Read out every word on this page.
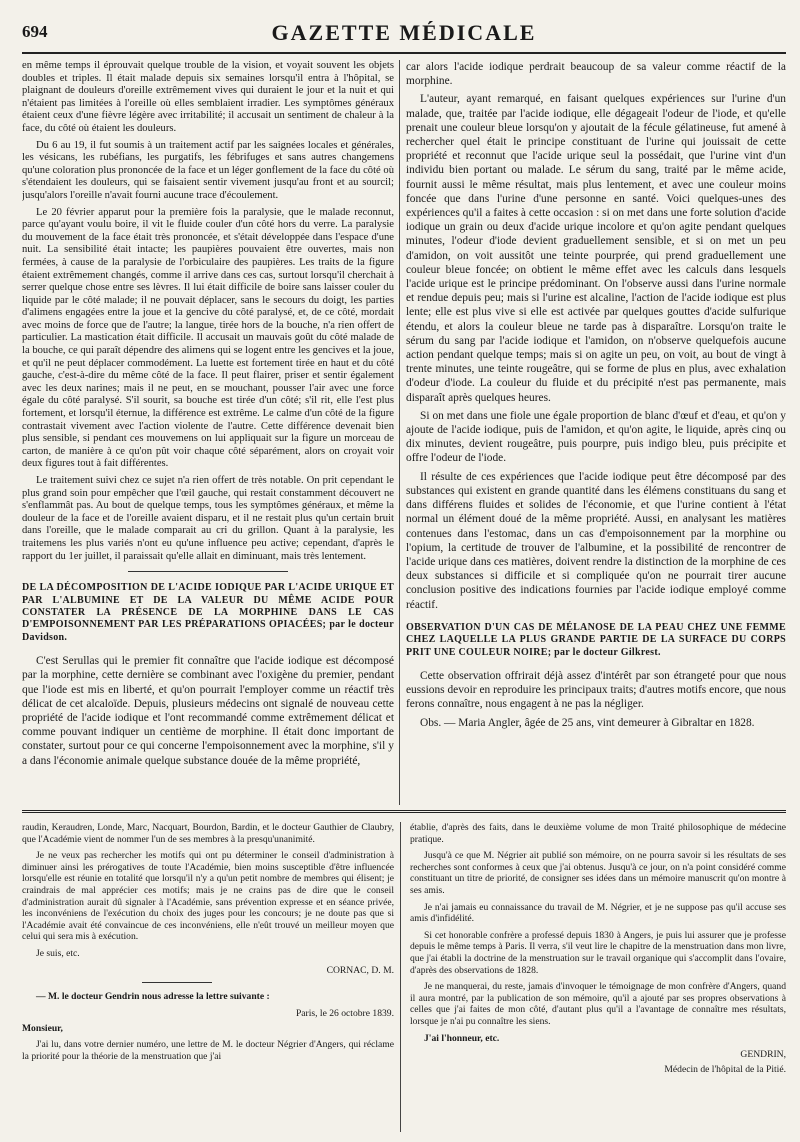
694	GAZETTE MÉDICALE

en même temps il éprouvait quelque trouble de la vision, et voyait souvent les objets doubles et triples. Il était malade depuis six semaines lorsqu'il entra à l'hôpital, se plaignant de douleurs d'oreille extrêmement vives qui duraient le jour et la nuit et qui n'étaient pas limitées à l'oreille où elles semblaient irradier. Les symptômes généraux étaient ceux d'une fièvre légère avec irritabilité; il accusait un sentiment de chaleur à la face, du côté où étaient les douleurs.

Du 6 au 19, il fut soumis à un traitement actif par les saignées locales et générales, les vésicans, les rubéfians, les purgatifs, les fébrifuges et sans autres changemens qu'une coloration plus prononcée de la face et un léger gonflement de la face du côté où s'étendaient les douleurs, qui se faisaient sentir vivement jusqu'au front et au sourcil; jusqu'alors l'oreille n'avait fourni aucune trace d'écoulement.

Le 20 février apparut pour la première fois la paralysie, que le malade reconnut, parce qu'ayant voulu boire, il vit le fluide couler d'un côté hors du verre. La paralysie du mouvement de la face était très prononcée, et s'était développée dans l'espace d'une nuit. La sensibilité était intacte; les paupières pouvaient être ouvertes, mais non fermées, à cause de la paralysie de l'orbiculaire des paupières. Les traits de la figure étaient extrêmement changés, comme il arrive dans ces cas, surtout lorsqu'il cherchait à serrer quelque chose entre ses lèvres. Il lui était difficile de boire sans laisser couler du liquide par le côté malade; il ne pouvait déplacer, sans le secours du doigt, les parties d'alimens engagées entre la joue et la gencive du côté paralysé, et, de ce côté, mordait avec moins de force que de l'autre; la langue, tirée hors de la bouche, n'a rien offert de particulier. La mastication était difficile. Il accusait un mauvais goût du côté malade de la bouche, ce qui paraît dépendre des alimens qui se logent entre les gencives et la joue, et qu'il ne peut déplacer commodément. La luette est fortement tirée en haut et du côté gauche, c'est-à-dire du même côté de la face. Il peut flairer, priser et sentir également avec les deux narines; mais il ne peut, en se mouchant, pousser l'air avec une force égale du côté paralysé. S'il sourit, sa bouche est tirée d'un côté; s'il rit, elle l'est plus fortement, et lorsqu'il éternue, la différence est extrême. Le calme d'un côté de la figure contrastait vivement avec l'action violente de l'autre. Cette différence devenait bien plus sensible, si pendant ces mouvemens on lui appliquait sur la figure un morceau de carton, de manière à ce qu'on pût voir chaque côté séparément, alors on croyait voir deux figures tout à fait différentes.

Le traitement suivi chez ce sujet n'a rien offert de très notable. On prit cependant le plus grand soin pour empêcher que l'œil gauche, qui restait constamment découvert ne s'enflammât pas. Au bout de quelque temps, tous les symptômes généraux, et même la douleur de la face et de l'oreille avaient disparu, et il ne restait plus qu'un certain bruit dans l'oreille, que le malade comparait au cri du grillon. Quant à la paralysie, les traitemens les plus variés n'ont eu qu'une influence peu active; cependant, d'après le rapport du 1er juillet, il paraissait qu'elle allait en diminuant, mais très lentement.

DE LA DÉCOMPOSITION DE L'ACIDE IODIQUE PAR L'ACIDE URIQUE ET PAR L'ALBUMINE ET DE LA VALEUR DU MÊME ACIDE POUR CONSTATER LA PRÉSENCE DE LA MORPHINE DANS LE CAS D'EMPOISONNEMENT PAR LES PRÉPARATIONS OPIACÉES; par le docteur Davidson.

C'est Serullas qui le premier fit connaître que l'acide iodique est décomposé par la morphine, cette dernière se combinant avec l'oxigène du premier, pendant que l'iode est mis en liberté, et qu'on pourrait l'employer comme un réactif très délicat de cet alcaloïde. Depuis, plusieurs médecins ont signalé de nouveau cette propriété de l'acide iodique et l'ont recommandé comme extrêmement délicat et comme pouvant indiquer un centième de morphine. Il était donc important de constater, surtout pour ce qui concerne l'empoisonnement avec la morphine, s'il y a dans l'économie animale quelque substance douée de la même propriété,

car alors l'acide iodique perdrait beaucoup de sa valeur comme réactif de la morphine.

L'auteur, ayant remarqué, en faisant quelques expériences sur l'urine d'un malade, que, traitée par l'acide iodique, elle dégageait l'odeur de l'iode, et qu'elle prenait une couleur bleue lorsqu'on y ajoutait de la fécule gélatineuse, fut amené à rechercher quel était le principe constituant de l'urine qui jouissait de cette propriété et reconnut que l'acide urique seul la possédait, que l'urine vint d'un individu bien portant ou malade. Le sérum du sang, traité par le même acide, fournit aussi le même résultat, mais plus lentement, et avec une couleur moins foncée que dans l'urine d'une personne en santé. Voici quelques-unes des expériences qu'il a faites à cette occasion : si on met dans une forte solution d'acide iodique un grain ou deux d'acide urique incolore et qu'on agite pendant quelques minutes, l'odeur d'iode devient graduellement sensible, et si on met un peu d'amidon, on voit aussitôt une teinte pourprée, qui prend graduellement une couleur bleue foncée; on obtient le même effet avec les calculs dans lesquels l'acide urique est le principe prédominant. On l'observe aussi dans l'urine normale et rendue depuis peu; mais si l'urine est alcaline, l'action de l'acide iodique est plus lente; elle est plus vive si elle est activée par quelques gouttes d'acide sulfurique étendu, et alors la couleur bleue ne tarde pas à disparaître. Lorsqu'on traite le sérum du sang par l'acide iodique et l'amidon, on n'observe quelquefois aucune action pendant quelque temps; mais si on agite un peu, on voit, au bout de vingt à trente minutes, une teinte rougeâtre, qui se forme de plus en plus, avec exhalation d'odeur d'iode. La couleur du fluide et du précipité n'est pas permanente, mais disparaît après quelques heures.

Si on met dans une fiole une égale proportion de blanc d'œuf et d'eau, et qu'on y ajoute de l'acide iodique, puis de l'amidon, et qu'on agite, le liquide, après cinq ou dix minutes, devient rougeâtre, puis pourpre, puis indigo bleu, puis précipite et offre l'odeur de l'iode.

Il résulte de ces expériences que l'acide iodique peut être décomposé par des substances qui existent en grande quantité dans les élémens constituans du sang et dans différens fluides et solides de l'économie, et que l'urine contient à l'état normal un élément doué de la même propriété. Aussi, en analysant les matières contenues dans l'estomac, dans un cas d'empoisonnement par la morphine ou l'opium, la certitude de trouver de l'albumine, et la possibilité de rencontrer de l'acide urique dans ces matières, doivent rendre la distinction de la morphine de ces deux substances si difficile et si compliquée qu'on ne pourrait tirer aucune conclusion positive des indications fournies par l'acide iodique employé comme réactif.

OBSERVATION D'UN CAS DE MÉLANOSE DE LA PEAU CHEZ UNE FEMME CHEZ LAQUELLE LA PLUS GRANDE PARTIE DE LA SURFACE DU CORPS PRIT UNE COULEUR NOIRE; par le docteur Gilkrest.

Cette observation offrirait déjà assez d'intérêt par son étrangeté pour que nous eussions devoir en reproduire les principaux traits; d'autres motifs encore, que nous ferons connaître, nous engagent à ne pas la négliger.

Obs. — Maria Angler, âgée de 25 ans, vint demeurer à Gibraltar en 1828.

raudin, Keraudren, Londe, Marc, Nacquart, Bourdon, Bardin, et le docteur Gauthier de Claubry, que l'Académie vient de nommer l'un de ses membres à la presqu'unanimité.

Je ne veux pas rechercher les motifs qui ont pu déterminer le conseil d'administration à diminuer ainsi les prérogatives de toute l'Académie, bien moins susceptible d'être influencée lorsqu'elle est réunie en totalité que lorsqu'il n'y a qu'un petit nombre de membres qui élisent; je craindrais de mal apprécier ces motifs; mais je ne crains pas de dire que le conseil d'administration aurait dû signaler à l'Académie, sans prévention expresse et en séance privée, les inconvéniens de l'exécution du choix des juges pour les concours; je ne doute pas que si l'Académie avait été convaincue de ces inconvéniens, elle n'eût trouvé un meilleur moyen que celui qui sera mis à exécution.

Je suis, etc.

CORNAC, D. M.

— M. le docteur Gendrin nous adresse la lettre suivante :

Paris, le 26 octobre 1839.
Monsieur,

J'ai lu, dans votre dernier numéro, une lettre de M. le docteur Négrier d'Angers, qui réclame la priorité pour la théorie de la menstruation que j'ai

établie, d'après des faits, dans le deuxième volume de mon Traité philosophique de médecine pratique.

Jusqu'à ce que M. Négrier ait publié son mémoire, on ne pourra savoir si les résultats de ses recherches sont conformes à ceux que j'ai obtenus. Jusqu'à ce jour, on n'a point considéré comme constituant un titre de priorité, de consigner ses idées dans un mémoire manuscrit qu'on montre à ses amis.

Je n'ai jamais eu connaissance du travail de M. Négrier, et je ne suppose pas qu'il accuse ses amis d'infidélité.

Si cet honorable confrère a professé depuis 1830 à Angers, je puis lui assurer que je professe depuis le même temps à Paris. Il verra, s'il veut lire le chapitre de la menstruation dans mon livre, que j'ai établi la doctrine de la menstruation sur le travail organique qui s'accomplit dans l'ovaire, d'après des observations de 1828.

Je ne manquerai, du reste, jamais d'invoquer le témoignage de mon confrère d'Angers, quand il aura montré, par la publication de son mémoire, qu'il a ajouté par ses propres observations à celles que j'ai faites de mon côté, d'autant plus qu'il a l'avantage de connaître mes résultats, lorsque je n'ai pu connaître les siens.

J'ai l'honneur, etc.

GENDRIN,
Médecin de l'hôpital de la Pitié.
